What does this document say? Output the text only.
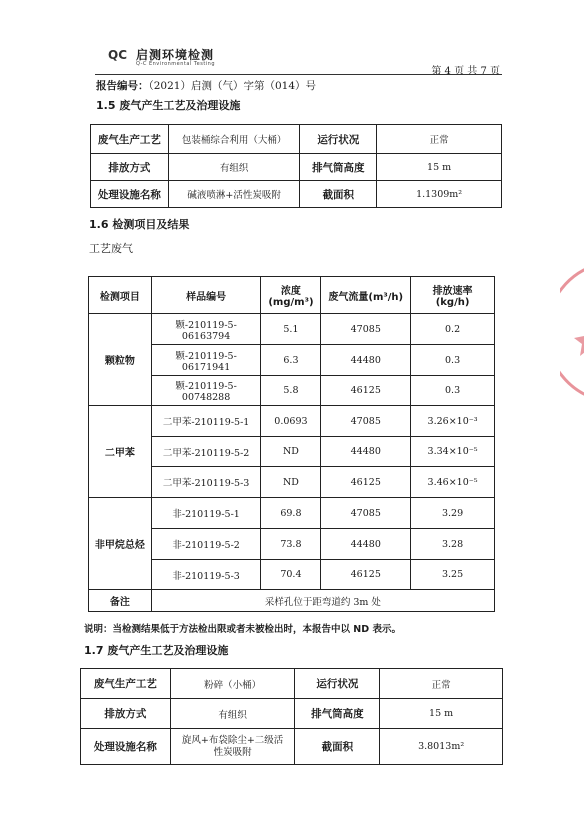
QC 启测环境检测
Q-C Environmental Testing
第 4 页 共 7 页
报告编号：（2021）启测（气）字第（014）号
1.5 废气产生工艺及治理设施
废气生产工艺	包装桶综合利用（大桶）	运行状况	正常
排放方式	有组织	排气筒高度	15 m
处理设施名称	碱液喷淋+活性炭吸附	截面积	1.1309m²
1.6 检测项目及结果
工艺废气
检测项目	样品编号	浓度(mg/m³)	废气流量(m³/h)	排放速率
(kg/h)
颗粒物	颗-210119-5-06163794	5.1	47085	0.2
	颗-210119-5-06171941	6.3	44480	0.3
	颗-210119-5-00748288	5.8	46125	0.3
二甲苯	二甲苯-210119-5-1	0.0693	47085	3.26×10⁻³
	二甲苯-210119-5-2	ND	44480	3.34×10⁻⁵
	二甲苯-210119-5-3	ND	46125	3.46×10⁻⁵
非甲烷总烃	非-210119-5-1	69.8	47085	3.29
	非-210119-5-2	73.8	44480	3.28
	非-210119-5-3	70.4	46125	3.25
备注	采样孔位于距弯道约 3m 处			
说明：当检测结果低于方法检出限或者未被检出时，本报告中以 ND 表示。
1.7 废气产生工艺及治理设施
废气生产工艺	粉碎（小桶）	运行状况	正常
排放方式	有组织	排气筒高度	15 m
处理设施名称	旋风+布袋除尘+二级活性炭吸附	截面积	3.8013m²
